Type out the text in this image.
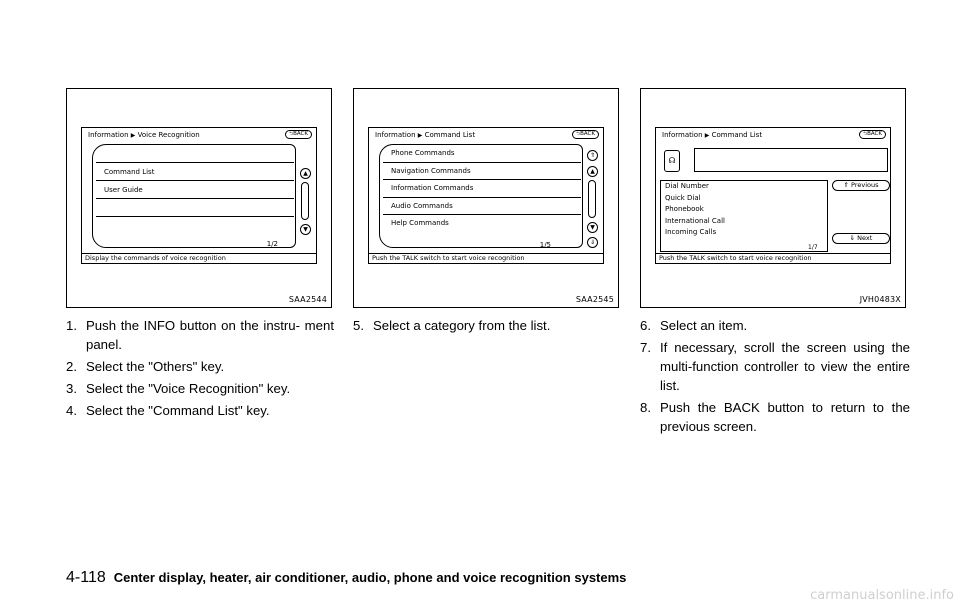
Information ▶ Voice Recognition	⮌BACK
Command List
User Guide
▲
▼
1/2
Display the commands of voice recognition
SAA2544
Information ▶ Command List	⮌BACK
Phone Commands
Navigation Commands
Information Commands
Audio Commands
Help Commands
⇑
▲
▼
⇓
1/5
Push the TALK switch to start voice recognition
SAA2545
Information ▶ Command List	⮌BACK
☊
Dial Number
Quick Dial
Phonebook
International Call
Incoming Calls
⇑ Previous
⇓ Next
1/7
Push the TALK switch to start voice recognition
JVH0483X
1. Push the INFO button on the instru- ment panel.
2. Select the "Others" key.
3. Select the "Voice Recognition" key.
4. Select the "Command List" key.
5. Select a category from the list.	6. Select an item.
7. If necessary, scroll the screen using the multi-function controller to view the entire list.
8. Push the BACK button to return to the previous screen.
4-118 Center display, heater, air conditioner, audio, phone and voice recognition systems
carmanualsonline.info
